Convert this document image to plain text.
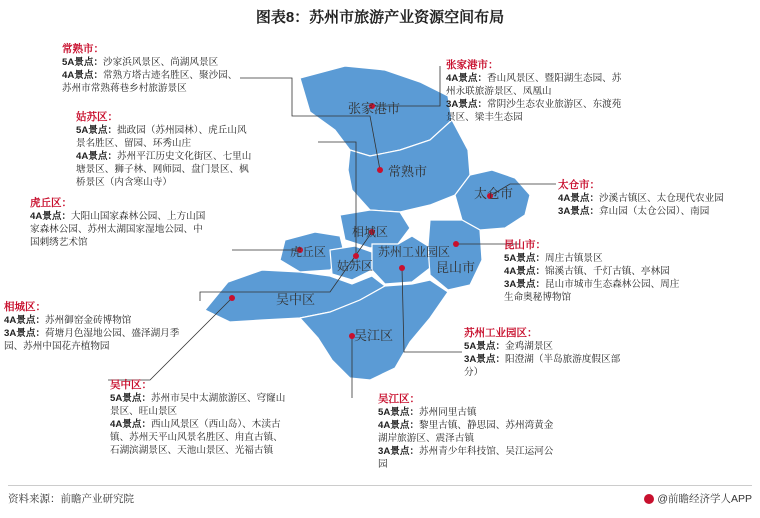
图表8：苏州市旅游产业资源空间布局
张家港市
常熟市
太仓市
相城区
虎丘区
姑苏区
苏州工业园区
昆山市
吴中区
吴江区
常熟市：
5A景点：沙家浜风景区、尚湖风景区
4A景点：常熟方塔古迹名胜区、聚沙园、
苏州市常熟蒋巷乡村旅游景区
姑苏区：
5A景点：拙政园（苏州园林）、虎丘山风
景名胜区、留园、环秀山庄
4A景点：苏州平江历史文化街区、七里山
塘景区、狮子林、网师园、盘门景区、枫
桥景区（内含寒山寺）
虎丘区：
4A景点：大阳山国家森林公园、上方山国
家森林公园、苏州太湖国家湿地公园、中
国刺绣艺术馆
相城区：
4A景点：苏州御窑金砖博物馆
3A景点：荷塘月色湿地公园、盛泽湖月季
园、苏州中国花卉植物园
吴中区：
5A景点：苏州市吴中太湖旅游区、穹窿山
景区、旺山景区
4A景点：西山风景区（西山岛）、木渎古
镇、苏州天平山风景名胜区、甪直古镇、
石湖滨湖景区、天池山景区、光福古镇
张家港市：
4A景点：香山风景区、暨阳湖生态园、苏
州永联旅游景区、凤凰山
3A景点：常阴沙生态农业旅游区、东渡苑
景区、梁丰生态园
太仓市：
4A景点：沙溪古镇区、太仓现代农业园
3A景点：弇山园（太仓公园）、南园
昆山市：
5A景点：周庄古镇景区
4A景点：锦溪古镇、千灯古镇、亭林园
3A景点：昆山市城市生态森林公园、周庄
生命奥秘博物馆
苏州工业园区：
5A景点：金鸡湖景区
3A景点：阳澄湖（半岛旅游度假区部
分）
吴江区：
5A景点：苏州同里古镇
4A景点：黎里古镇、静思园、苏州湾黄金
湖岸旅游区、震泽古镇
3A景点：苏州青少年科技馆、吴江运河公
园
资料来源：前瞻产业研究院	@前瞻经济学人APP
